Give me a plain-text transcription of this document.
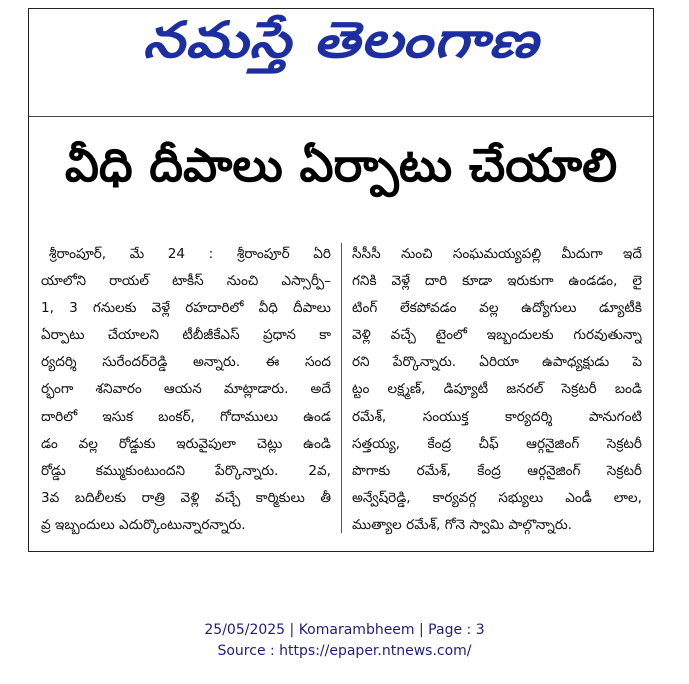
నమస్తే తెలంగాణ
వీధి దీపాలు ఏర్పాటు చేయాలి
శ్రీరాంపూర్, మే 24 : శ్రీరాంపూర్ ఏరి
యాలోని రాయల్ టాకీస్ నుంచి ఎస్సార్పీ–
1, 3 గనులకు వెళ్లే రహదారిలో వీధి దీపాలు
ఏర్పాటు చేయాలని టీబీజీకేఎస్ ప్రధాన కా
ర్యదర్శి సురేందర్‌రెడ్డి అన్నారు. ఈ సంద
ర్భంగా శనివారం ఆయన మాట్లాడారు. అదే
దారిలో ఇసుక బంకర్, గోదాములు ఉండ
డం వల్ల రోడ్డుకు ఇరువైపులా చెట్లు ఉండి
రోడ్డు కమ్ముకుంటుందని పేర్కొన్నారు. 2వ,
3వ బదిలీలకు రాత్రి వెళ్లి వచ్చే కార్మికులు తీ
వ్ర ఇబ్బందులు ఎదుర్కొంటున్నారన్నారు.
సీసీసీ నుంచి సంఘమయ్యపల్లి మీదుగా ఇదే
గనికి వెళ్లే దారి కూడా ఇరుకుగా ఉండడం, లై
టింగ్ లేకపోవడం వల్ల ఉద్యోగులు డ్యూటీకి
వెళ్లి వచ్చే టైంలో ఇబ్బందులకు గురవుతున్నా
రని పేర్కొన్నారు. ఏరియా ఉపాధ్యక్షుడు పె
ట్టం లక్ష్మణ్, డిప్యూటీ జనరల్ సెక్రటరీ బండి
రమేశ్, సంయుక్త కార్యదర్శి పానుగంటి
సత్తయ్య, కేంద్ర చీఫ్ ఆర్గనైజింగ్ సెక్రటరీ
పొగాకు రమేశ్, కేంద్ర ఆర్గనైజింగ్ సెక్రటరీ
అన్వేష్‌రెడ్డి, కార్యవర్గ సభ్యులు ఎండీ లాల,
ముత్యాల రమేశ్, గోనె స్వామి పాల్గొన్నారు.
25/05/2025 | Komarambheem | Page : 3
Source : https://epaper.ntnews.com/
